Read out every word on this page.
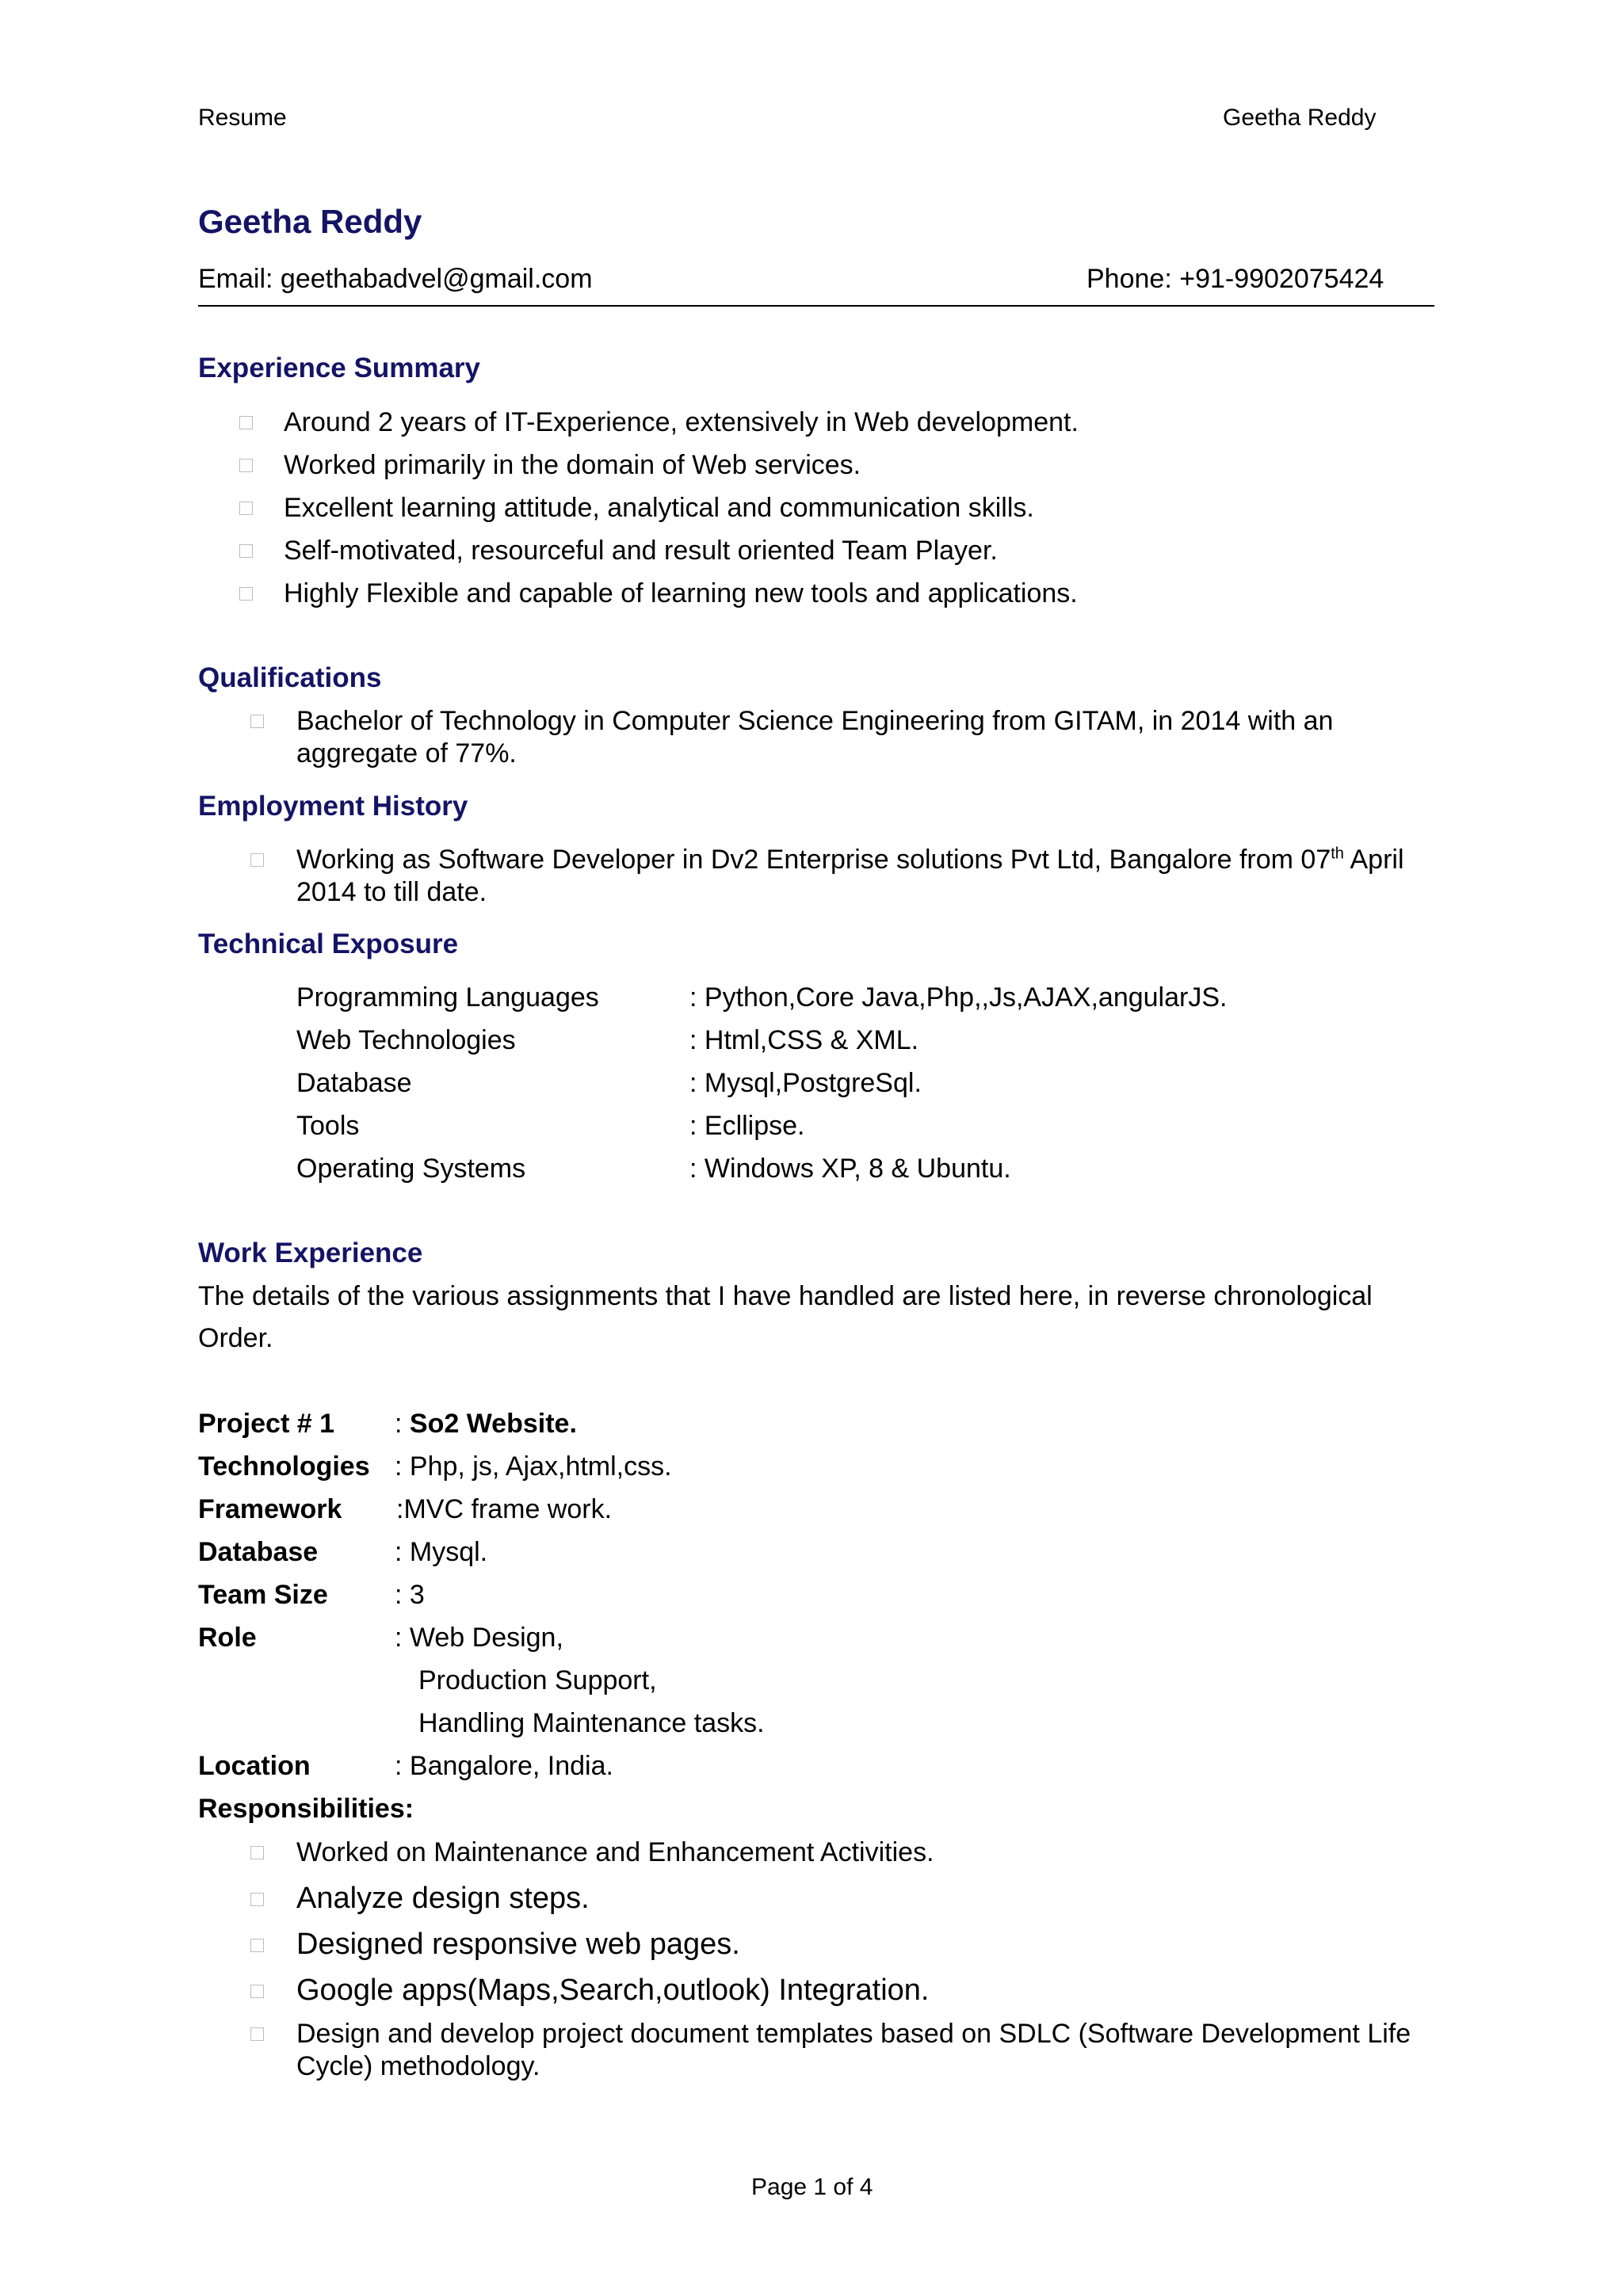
Resume	Geetha Reddy
Geetha Reddy
Email: geethabadvel@gmail.com	Phone: +91-9902075424
Experience Summary
Around 2 years of IT-Experience, extensively in Web development.
Worked primarily in the domain of Web services.
Excellent learning attitude, analytical and communication skills.
Self-motivated, resourceful and result oriented Team Player.
Highly Flexible and capable of learning new tools and applications.
Qualifications
Bachelor of Technology in Computer Science Engineering from GITAM, in 2014 with an
aggregate of 77%.
Employment History
Working as Software Developer in Dv2 Enterprise solutions Pvt Ltd, Bangalore from 07th April
2014 to till date.
Technical Exposure
Programming Languages	: Python,Core Java,Php,,Js,AJAX,angularJS.
Web Technologies	: Html,CSS & XML.
Database	: Mysql,PostgreSql.
Tools	: Ecllipse.
Operating Systems	: Windows XP, 8 & Ubuntu.
Work Experience
The details of the various assignments that I have handled are listed here, in reverse chronological
Order.
Project # 1 : So2 Website.
Technologies : Php, js, Ajax,html,css.
Framework :MVC frame work.
Database	: Mysql.
Team Size : 3
Role	: Web Design,
Production Support,
Handling Maintenance tasks.
Location	: Bangalore, India.
Responsibilities:
Worked on Maintenance and Enhancement Activities.
Analyze design steps.
Designed responsive web pages.
Google apps(Maps,Search,outlook) Integration.
Design and develop project document templates based on SDLC (Software Development Life
Cycle) methodology.
Page 1 of 4
